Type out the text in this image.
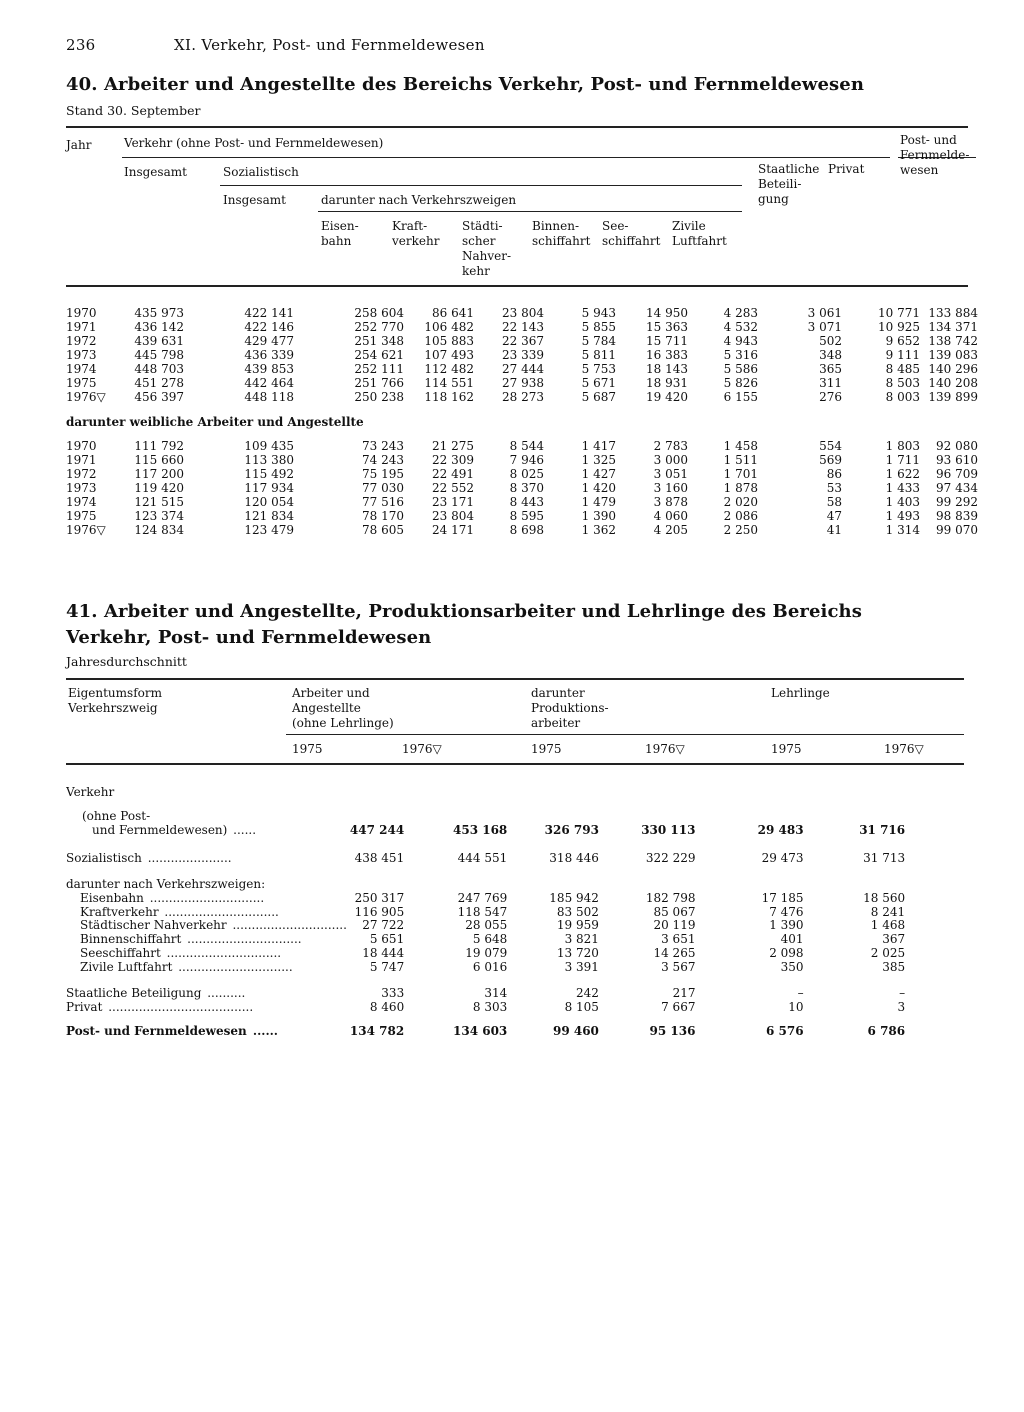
236	XI. Verkehr, Post- und Fernmeldewesen
40. Arbeiter und Angestellte des Bereichs Verkehr, Post- und Fernmeldewesen
Stand 30. September
Jahr	Verkehr (ohne Post- und Fernmeldewesen)	Post- und
Fernmelde-
wesen
Insgesamt	Sozialistisch	Staatliche
Beteili-
gung
Privat
Insgesamt	darunter nach Verkehrszweigen
Eisen-
bahn
Kraft-
verkehr
Städti-
scher
Nahver-
kehr
Binnen-
schiffahrt
See-
schiffahrt
Zivile
Luftfahrt
1970	435 973	422 141	258 604	86 641	23 804	5 943	14 950	4 283	3 061	10 771	133 884
1971	436 142	422 146	252 770	106 482	22 143	5 855	15 363	4 532	3 071	10 925	134 371
1972	439 631	429 477	251 348	105 883	22 367	5 784	15 711	4 943	502	9 652	138 742
1973	445 798	436 339	254 621	107 493	23 339	5 811	16 383	5 316	348	9 111	139 083
1974	448 703	439 853	252 111	112 482	27 444	5 753	18 143	5 586	365	8 485	140 296
1975	451 278	442 464	251 766	114 551	27 938	5 671	18 931	5 826	311	8 503	140 208
1976▽	456 397	448 118	250 238	118 162	28 273	5 687	19 420	6 155	276	8 003	139 899
darunter weibliche Arbeiter und Angestellte											
1970	111 792	109 435	73 243	21 275	8 544	1 417	2 783	1 458	554	1 803	92 080
1971	115 660	113 380	74 243	22 309	7 946	1 325	3 000	1 511	569	1 711	93 610
1972	117 200	115 492	75 195	22 491	8 025	1 427	3 051	1 701	86	1 622	96 709
1973	119 420	117 934	77 030	22 552	8 370	1 420	3 160	1 878	53	1 433	97 434
1974	121 515	120 054	77 516	23 171	8 443	1 479	3 878	2 020	58	1 403	99 292
1975	123 374	121 834	78 170	23 804	8 595	1 390	4 060	2 086	47	1 493	98 839
1976▽	124 834	123 479	78 605	24 171	8 698	1 362	4 205	2 250	41	1 314	99 070
41. Arbeiter und Angestellte, Produktionsarbeiter und Lehrlinge des Bereichs
Verkehr, Post- und Fernmeldewesen
Jahresdurchschnitt
Eigentumsform
Verkehrszweig
Arbeiter und
Angestellte
(ohne Lehrlinge)
darunter
Produktions-
arbeiter
Lehrlinge
1975	1976▽	1975	1976▽	1975	1976▽
Verkehr							

(ohne Post-							
und Fernmeldewesen) ......	447 244	453 168	326 793	330 113	29 483	31 716	

Sozialistisch ......................	438 451	444 551	318 446	322 229	29 473	31 713	

darunter nach Verkehrszweigen:							
Eisenbahn ..............................	250 317	247 769	185 942	182 798	17 185	18 560	
Kraftverkehr ..............................	116 905	118 547	83 502	85 067	7 476	8 241	
Städtischer Nahverkehr ..............................	27 722	28 055	19 959	20 119	1 390	1 468	
Binnenschiffahrt ..............................	5 651	5 648	3 821	3 651	401	367	
Seeschiffahrt ..............................	18 444	19 079	13 720	14 265	2 098	2 025	
Zivile Luftfahrt ..............................	5 747	6 016	3 391	3 567	350	385	

Staatliche Beteiligung ..........	333	314	242	217	–	–	
Privat ......................................	8 460	8 303	8 105	7 667	10	3	

Post- und Fernmeldewesen ......	134 782	134 603	99 460	95 136	6 576	6 786	
